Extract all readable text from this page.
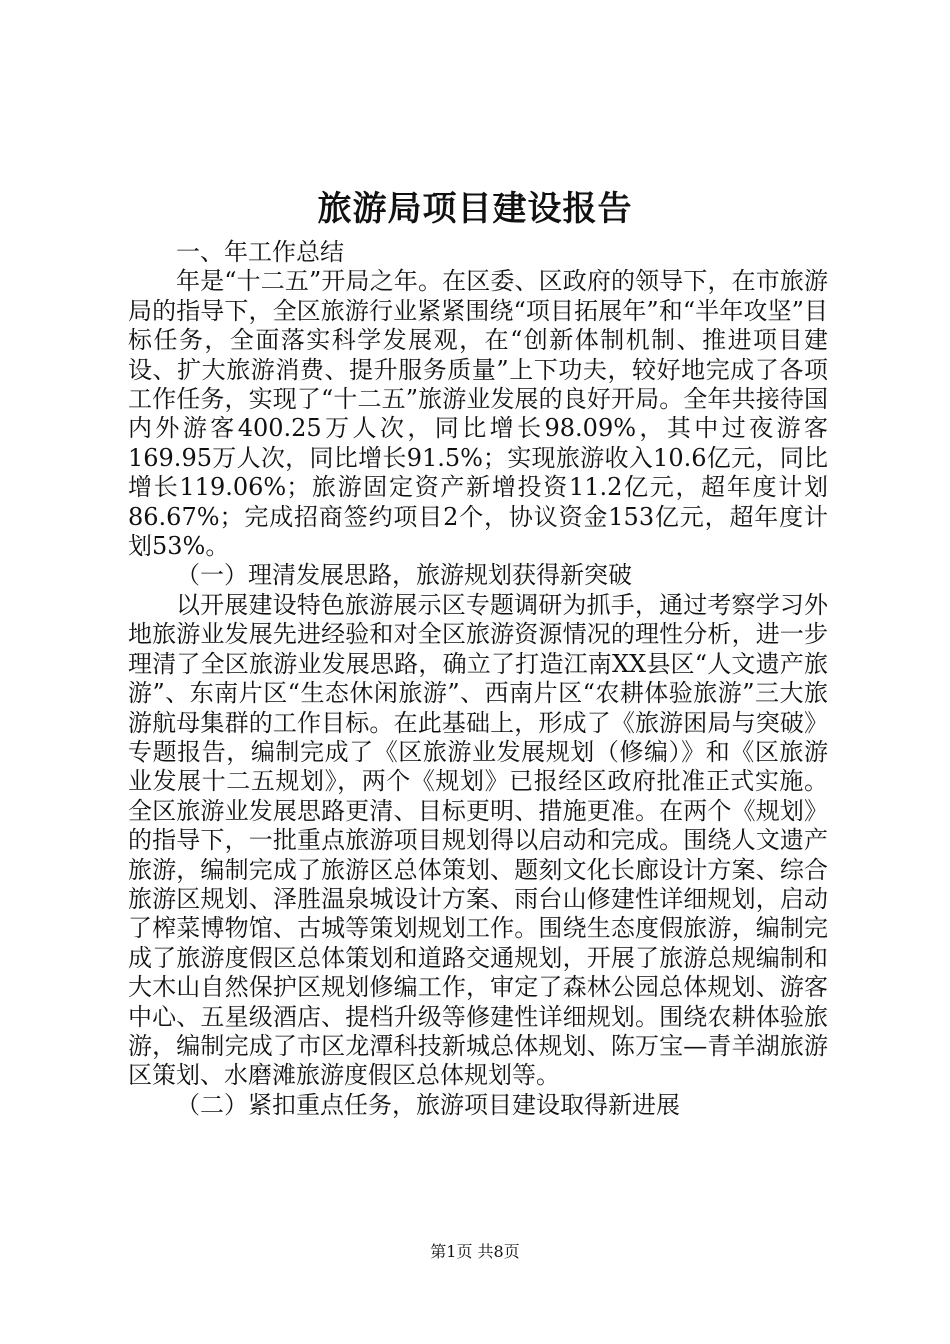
旅游局项目建设报告

一、年工作总结

年是“十二五”开局之年。在区委、区政府的领导下，在市旅游局的指导下，全区旅游行业紧紧围绕“项目拓展年”和“半年攻坚”目标任务，全面落实科学发展观，在“创新体制机制、推进项目建设、扩大旅游消费、提升服务质量”上下功夫，较好地完成了各项工作任务，实现了“十二五”旅游业发展的良好开局。全年共接待国内外游客400.25万人次，同比增长98.09%，其中过夜游客169.95万人次，同比增长91.5%；实现旅游收入10.6亿元，同比增长119.06%；旅游固定资产新增投资11.2亿元，超年度计划86.67%；完成招商签约项目2个，协议资金153亿元，超年度计划53%。

（一）理清发展思路，旅游规划获得新突破

以开展建设特色旅游展示区专题调研为抓手，通过考察学习外地旅游业发展先进经验和对全区旅游资源情况的理性分析，进一步理清了全区旅游业发展思路，确立了打造江南XX县区“人文遗产旅游”、东南片区“生态休闲旅游”、西南片区“农耕体验旅游”三大旅游航母集群的工作目标。在此基础上，形成了《旅游困局与突破》专题报告，编制完成了《区旅游业发展规划（修编）》和《区旅游业发展十二五规划》，两个《规划》已报经区政府批准正式实施。全区旅游业发展思路更清、目标更明、措施更准。在两个《规划》的指导下，一批重点旅游项目规划得以启动和完成。围绕人文遗产旅游，编制完成了旅游区总体策划、题刻文化长廊设计方案、综合旅游区规划、泽胜温泉城设计方案、雨台山修建性详细规划，启动了榨菜博物馆、古城等策划规划工作。围绕生态度假旅游，编制完成了旅游度假区总体策划和道路交通规划，开展了旅游总规编制和大木山自然保护区规划修编工作，审定了森林公园总体规划、游客中心、五星级酒店、提档升级等修建性详细规划。围绕农耕体验旅游，编制完成了市区龙潭科技新城总体规划、陈万宝—青羊湖旅游区策划、水磨滩旅游度假区总体规划等。

（二）紧扣重点任务，旅游项目建设取得新进展

第1页 共8页
